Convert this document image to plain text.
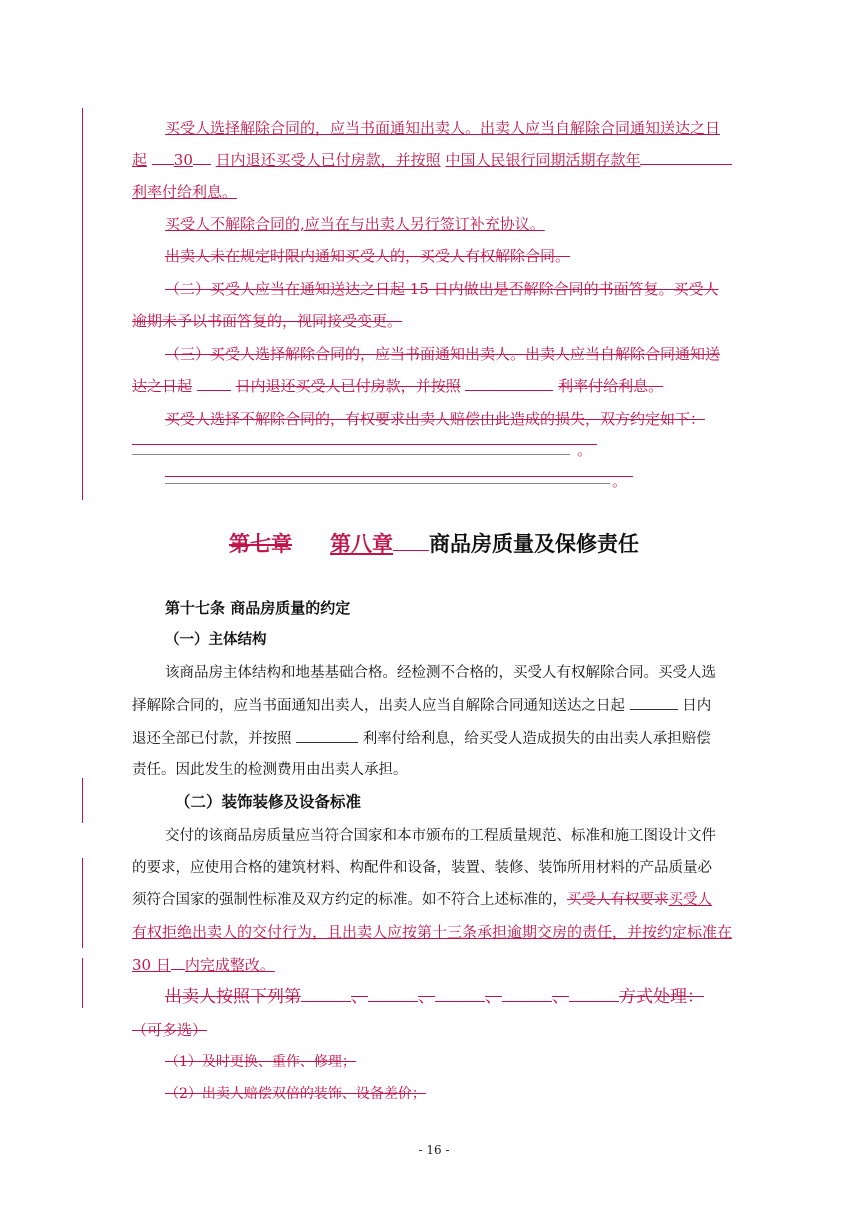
买受人选择解除合同的，应当书面通知出卖人。出卖人应当自解除合同通知送达之日
起 30 日内退还买受人已付房款，并按照 中国人民银行同期活期存款年
利率付给利息。
买受人不解除合同的,应当在与出卖人另行签订补充协议。
出卖人未在规定时限内通知买受人的，买受人有权解除合同。
（二）买受人应当在通知送达之日起 15 日内做出是否解除合同的书面答复。买受人
逾期未予以书面答复的，视同接受变更。
（三）买受人选择解除合同的，应当书面通知出卖人。出卖人应当自解除合同通知送
达之日起	日内退还买受人已付房款，并按照	利率付给利息。
买受人选择不解除合同的，有权要求出卖人赔偿由此造成的损失，双方约定如下：
。
。
第七章 第八章 商品房质量及保修责任
第十七条 商品房质量的约定
（一）主体结构
该商品房主体结构和地基基础合格。经检测不合格的，买受人有权解除合同。买受人选
择解除合同的，应当书面通知出卖人，出卖人应当自解除合同通知送达之日起	日内
退还全部已付款，并按照	利率付给利息，给买受人造成损失的由出卖人承担赔偿
责任。因此发生的检测费用由出卖人承担。
（二）装饰装修及设备标准
交付的该商品房质量应当符合国家和本市颁布的工程质量规范、标准和施工图设计文件
的要求，应使用合格的建筑材料、构配件和设备，装置、装修、装饰所用材料的产品质量必
须符合国家的强制性标准及双方约定的标准。如不符合上述标准的，买受人有权要求买受人
有权拒绝出卖人的交付行为，且出卖人应按第十三条承担逾期交房的责任，并按约定标准在
30 日 内完成整改。
出卖人按照下列第	、	、	、	、	方式处理：
（可多选）
（1）及时更换、重作、修理；
（2）出卖人赔偿双倍的装饰、设备差价；
- 16 -
